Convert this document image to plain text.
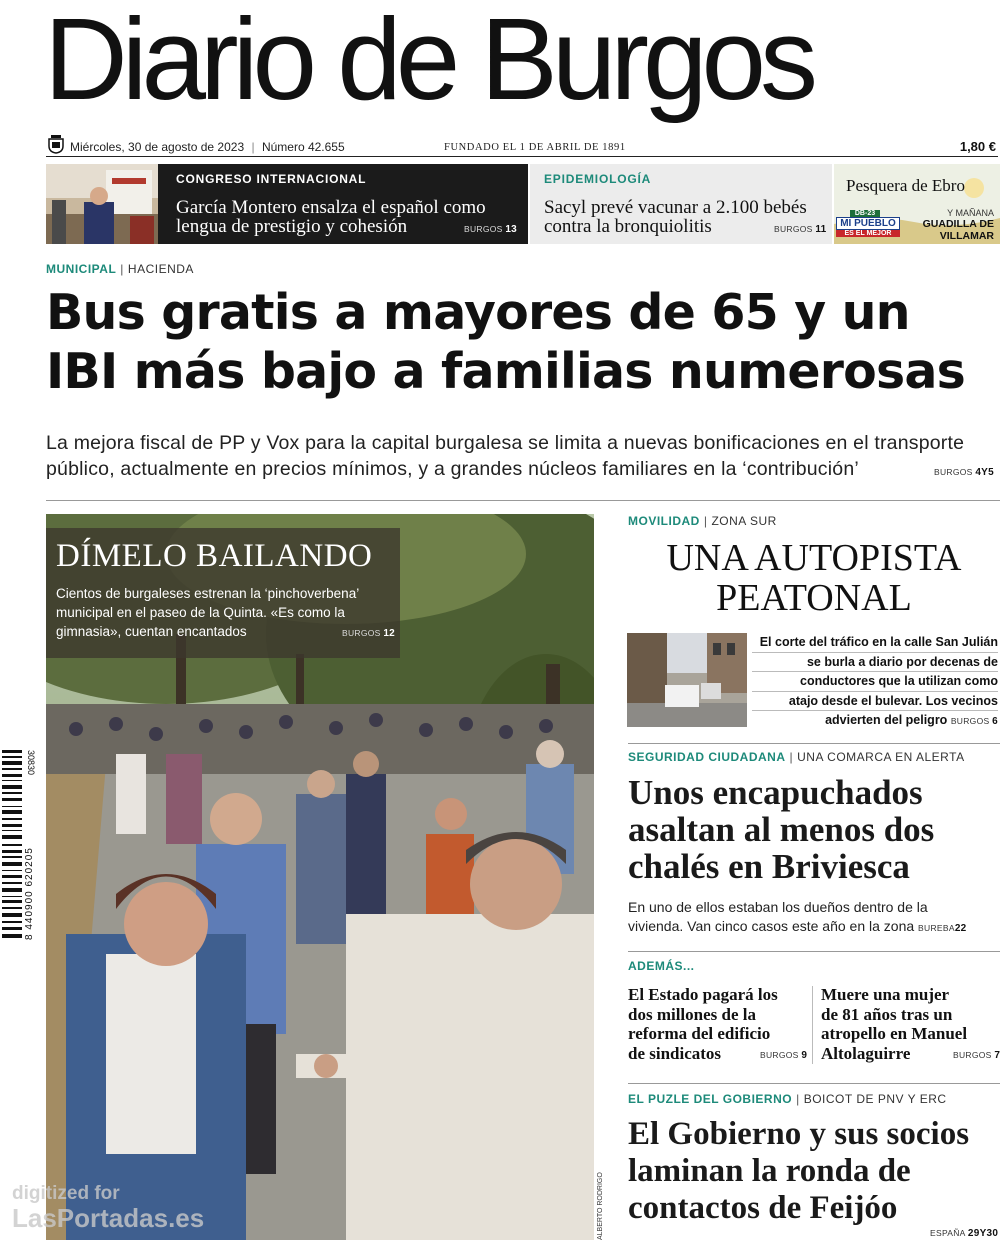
Diario de Burgos
Miércoles, 30 de agosto de 2023 | Número 42.655	FUNDADO EL 1 DE ABRIL DE 1891	1,80 €
CONGRESO INTERNACIONAL
García Montero ensalza el español como
lengua de prestigio y cohesión	BURGOS 13
EPIDEMIOLOGÍA
Sacyl prevé vacunar a 2.100 bebés
contra la bronquiolitis	BURGOS 11
Pesquera de Ebro
DB-23
MI PUEBLO
ES EL MEJOR
Y MAÑANA
GUADILLA DE
VILLAMAR
MUNICIPAL | HACIENDA
Bus gratis a mayores de 65 y un
IBI más bajo a familias numerosas
La mejora fiscal de PP y Vox para la capital burgalesa se limita a nuevas bonificaciones en el transporte
público, actualmente en precios mínimos, y a grandes núcleos familiares en la ‘contribución’	BURGOS 4Y5
DÍMELO BAILANDO
Cientos de burgaleses estrenan la ‘pinchoverbena’
municipal en el paseo de la Quinta. «Es como la
gimnasia», cuentan encantados	BURGOS 12
ALBERTO RODRIGO
30830
8 440900 620205
MOVILIDAD | ZONA SUR
UNA AUTOPISTA
PEATONAL
El corte del tráfico en la calle San Julián
se burla a diario por decenas de
conductores que la utilizan como
atajo desde el bulevar. Los vecinos
advierten del peligro BURGOS 6
SEGURIDAD CIUDADANA | UNA COMARCA EN ALERTA
Unos encapuchados
asaltan al menos dos
chalés en Briviesca
En uno de ellos estaban los dueños dentro de la
vivienda. Van cinco casos este año en la zona BUREBA22
ADEMÁS...
El Estado pagará los
dos millones de la
reforma del edificio
de sindicatos	BURGOS 9
Muere una mujer
de 81 años tras un
atropello en Manuel
Altolaguirre	BURGOS 7
EL PUZLE DEL GOBIERNO | BOICOT DE PNV Y ERC
El Gobierno y sus socios
laminan la ronda de
contactos de Feijóo
ESPAÑA 29Y30
digitized for
LasPortadas.es
